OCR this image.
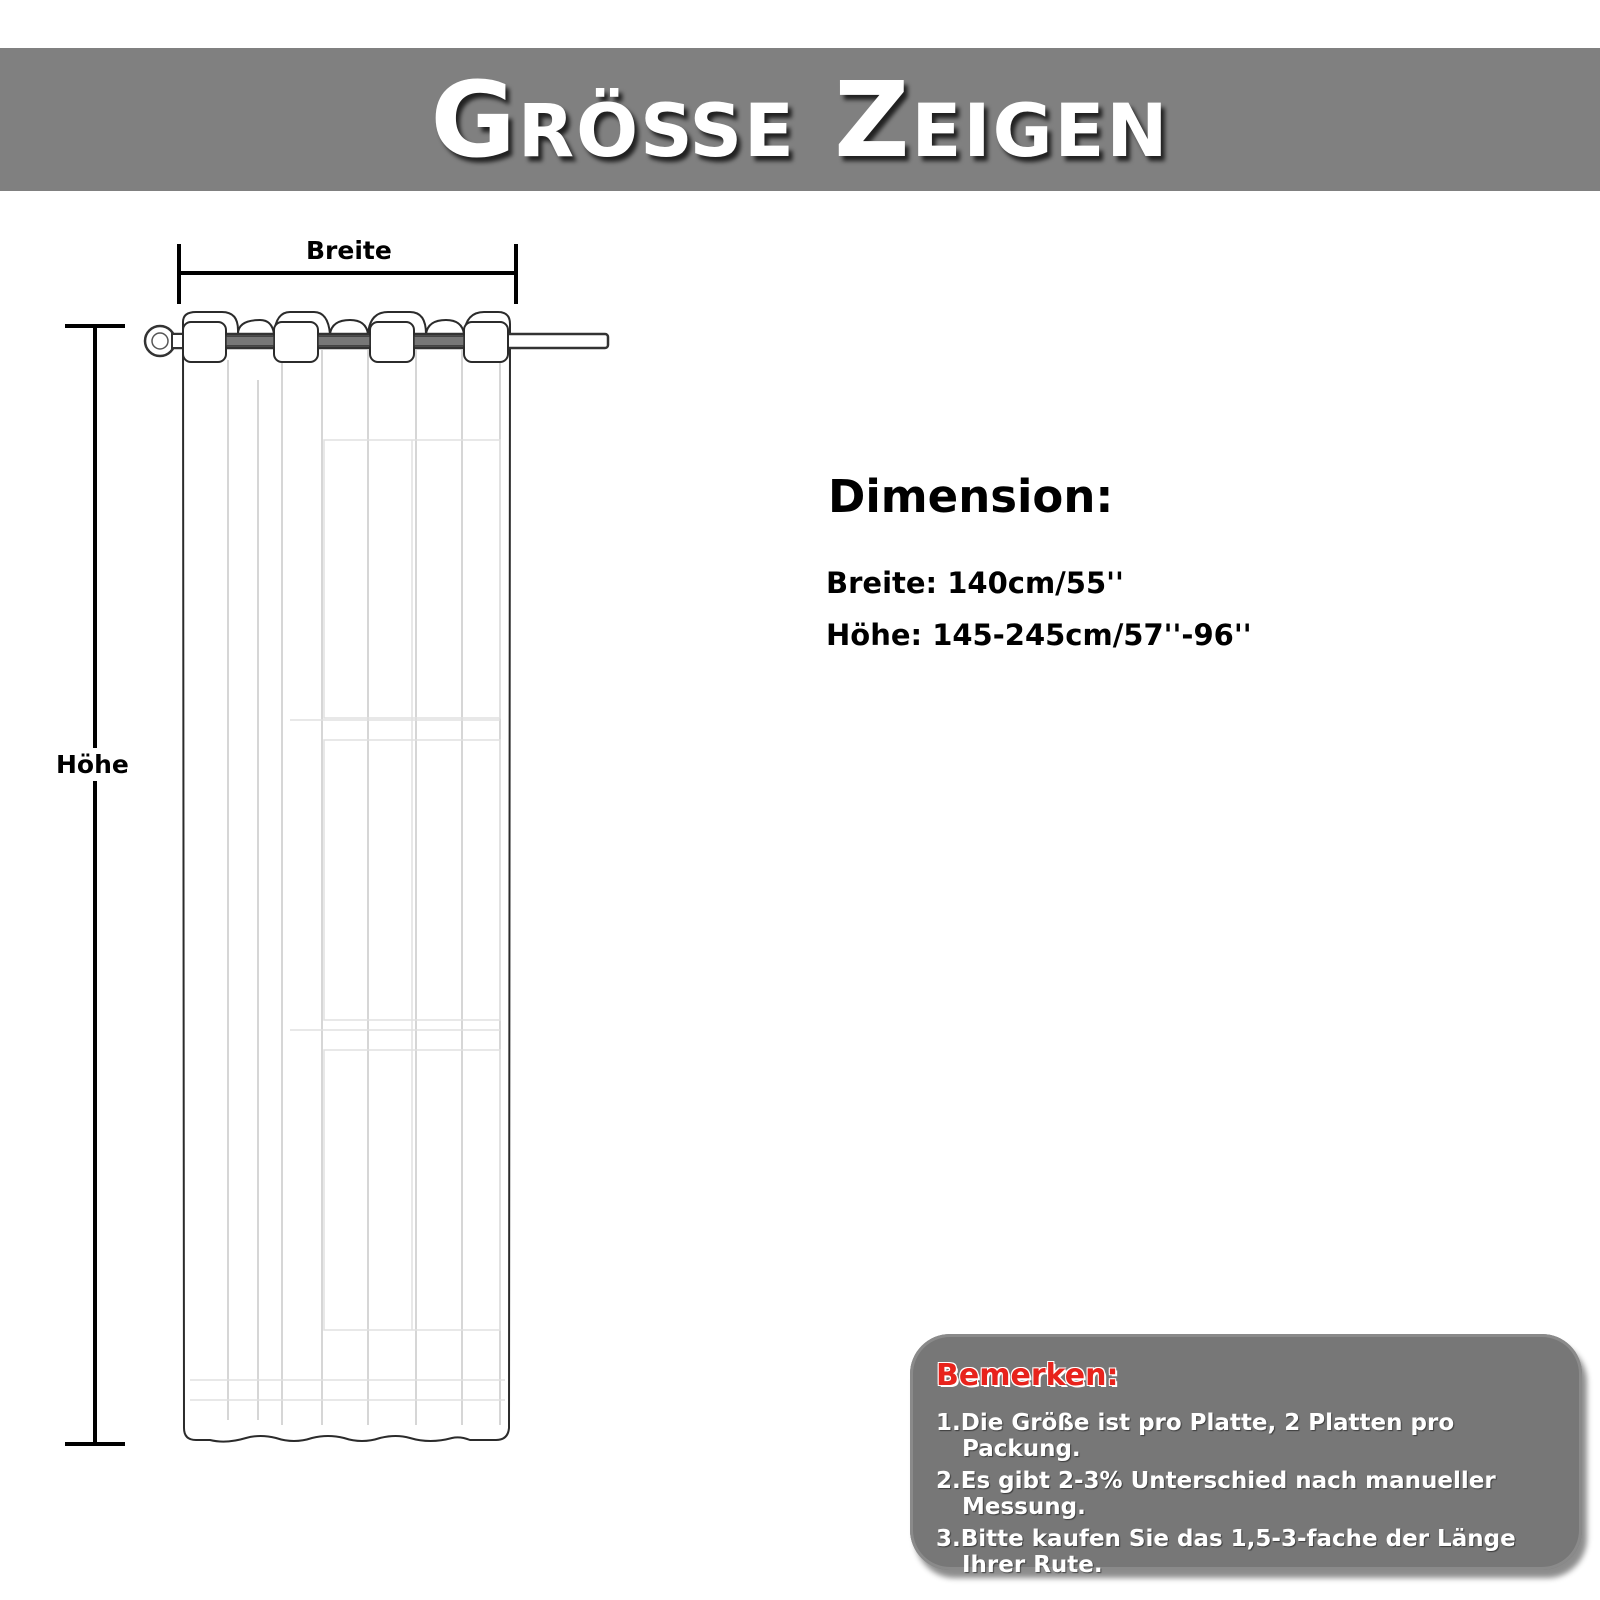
Größe Zeigen
Breite
Höhe
Dimension:
Breite: 140cm/55''
Höhe: 145-245cm/57''-96''
Bemerken:
1.Die Größe ist pro Platte, 2 Platten pro Packung.
2.Es gibt 2-3% Unterschied nach manueller Messung.
3.Bitte kaufen Sie das 1,5-3-fache der Länge Ihrer Rute.
